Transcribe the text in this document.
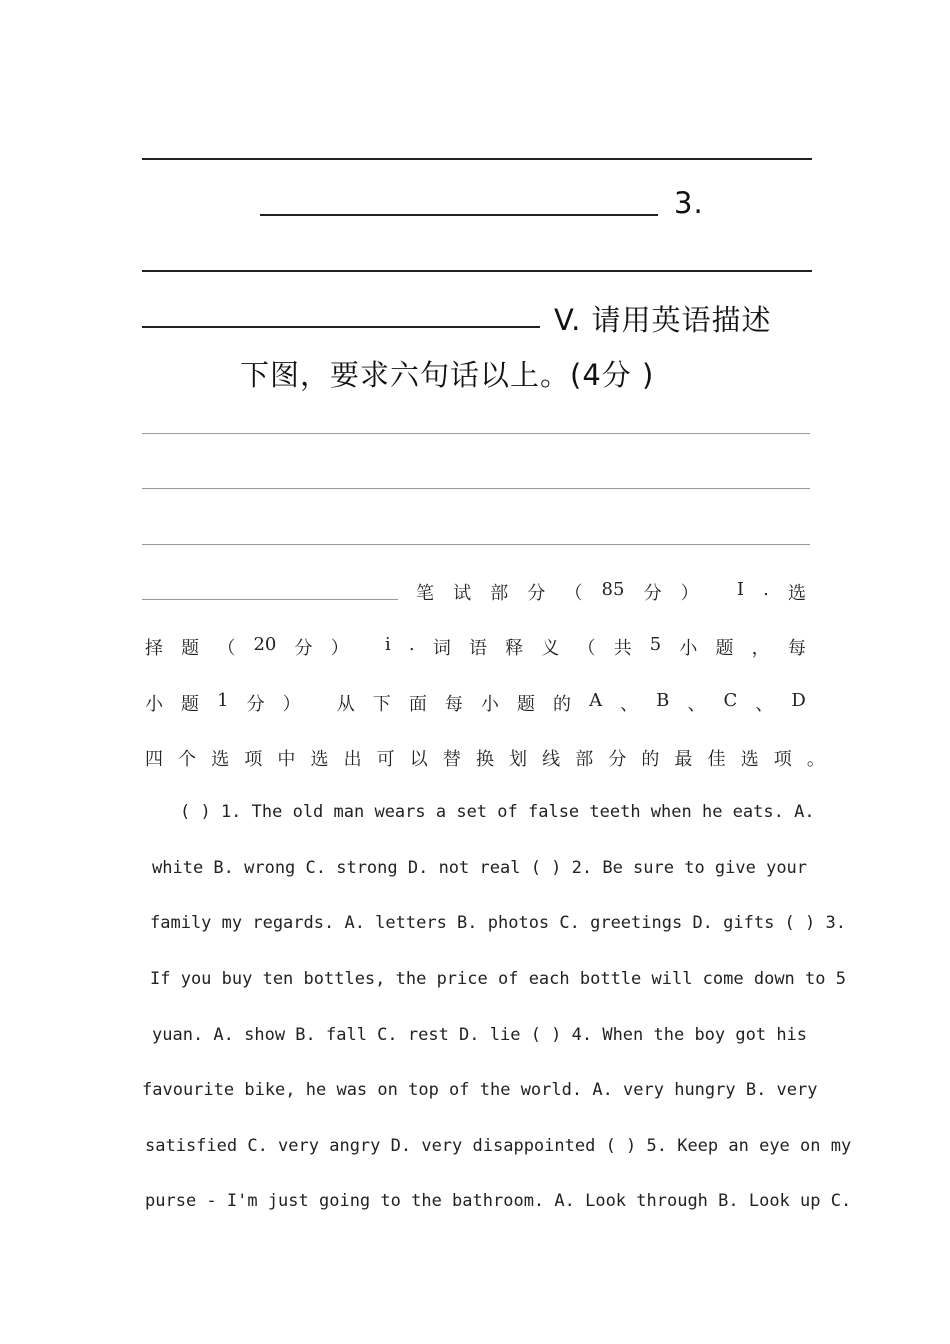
3.
V. 请用英语描述
下图，要求六句话以上。(4分 )
笔 试 部 分 （ 85 分 ） I . 选
择 题 （ 20 分 ） i . 词 语 释 义 （ 共 5 小 题 ， 每
小 题 1 分 ） 从 下 面 每 小 题 的 A 、 B 、 C 、 D
四 个 选 项 中 选 出 可 以 替 换 划 线 部 分 的 最 佳 选 项 。
( ) 1. The old man wears a set of false teeth when he eats. A.
white B. wrong C. strong D. not real ( ) 2. Be sure to give your
family my regards. A. letters B. photos C. greetings D. gifts ( ) 3.
If you buy ten bottles, the price of each bottle will come down to 5
yuan. A. show B. fall C. rest D. lie ( ) 4. When the boy got his
favourite bike, he was on top of the world. A. very hungry B. very
satisfied C. very angry D. very disappointed ( ) 5. Keep an eye on my
purse - I'm just going to the bathroom. A. Look through B. Look up C.
